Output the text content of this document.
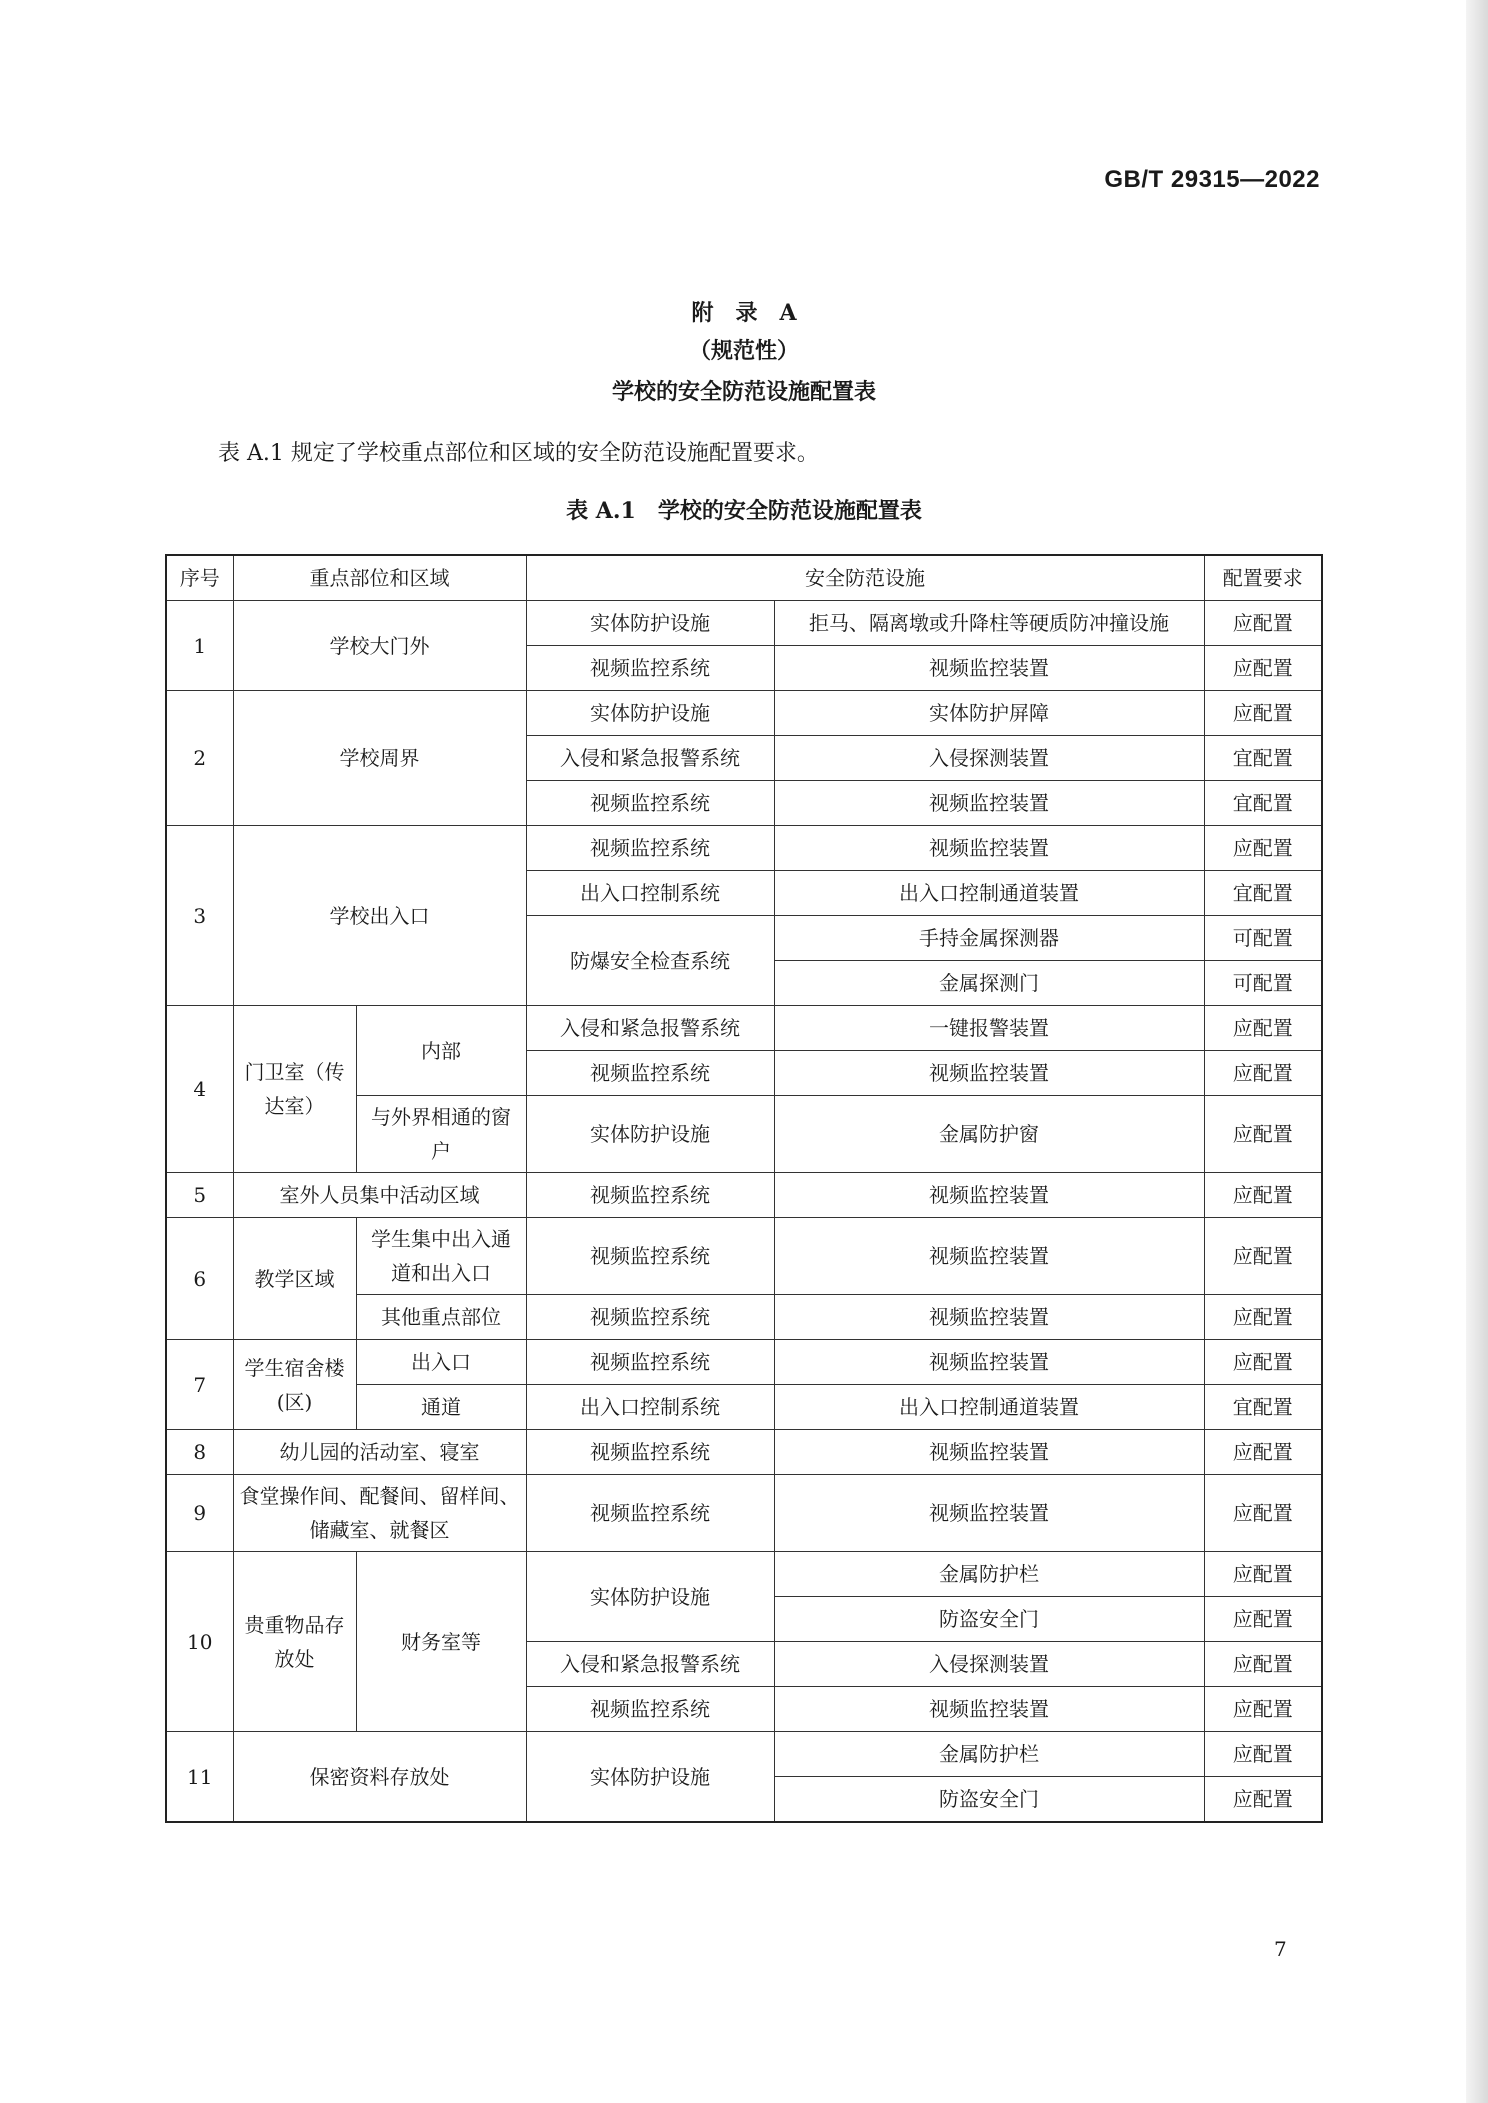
GB/T 29315—2022
附　录　A
（规范性）
学校的安全防范设施配置表
表 A.1 规定了学校重点部位和区域的安全防范设施配置要求。
表 A.1　学校的安全防范设施配置表
序号	重点部位和区域		安全防范设施		配置要求
1	学校大门外		实体防护设施	拒马、隔离墩或升降柱等硬质防冲撞设施	应配置
			视频监控系统	视频监控装置	应配置
2	学校周界		实体防护设施	实体防护屏障	应配置
			入侵和紧急报警系统	入侵探测装置	宜配置
			视频监控系统	视频监控装置	宜配置
3	学校出入口		视频监控系统	视频监控装置	应配置
			出入口控制系统	出入口控制通道装置	宜配置
			防爆安全检查系统	手持金属探测器	可配置
				金属探测门	可配置
4	门卫室（传达室）	内部	入侵和紧急报警系统	一键报警装置	应配置
			视频监控系统	视频监控装置	应配置
		与外界相通的窗户	实体防护设施	金属防护窗	应配置
5	室外人员集中活动区域		视频监控系统	视频监控装置	应配置
6	教学区域	学生集中出入通道和出入口	视频监控系统	视频监控装置	应配置
		其他重点部位	视频监控系统	视频监控装置	应配置
7	学生宿舍楼(区)	出入口	视频监控系统	视频监控装置	应配置
		通道	出入口控制系统	出入口控制通道装置	宜配置
8	幼儿园的活动室、寝室		视频监控系统	视频监控装置	应配置
9	食堂操作间、配餐间、留样间、储藏室、就餐区		视频监控系统	视频监控装置	应配置
10	贵重物品存放处	财务室等	实体防护设施	金属防护栏	应配置
				防盗安全门	应配置
			入侵和紧急报警系统	入侵探测装置	应配置
			视频监控系统	视频监控装置	应配置
11	保密资料存放处		实体防护设施	金属防护栏	应配置
				防盗安全门	应配置
7
